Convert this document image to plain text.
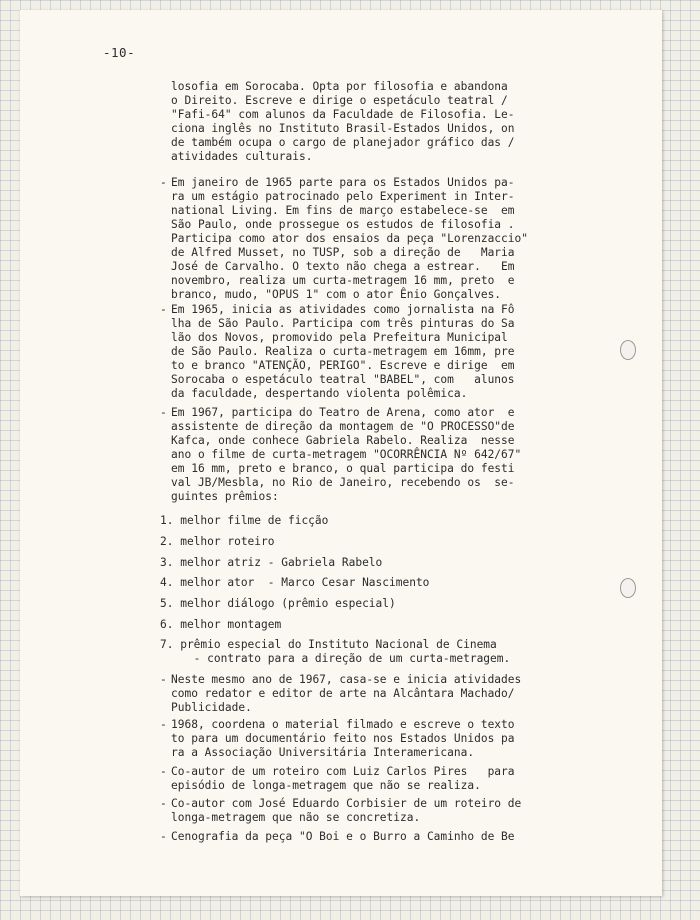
-10-
losofia em Sorocaba. Opta por filosofia e abandona
o Direito. Escreve e dirige o espetáculo teatral /
"Fafi-64" com alunos da Faculdade de Filosofia. Le-
ciona inglês no Instituto Brasil-Estados Unidos, on
de também ocupa o cargo de planejador gráfico das /
atividades culturais.
- Em janeiro de 1965 parte para os Estados Unidos pa-
ra um estágio patrocinado pelo Experiment in Inter-
national Living. Em fins de março estabelece-se  em
São Paulo, onde prossegue os estudos de filosofia .
Participa como ator dos ensaios da peça "Lorenzaccio"
de Alfred Musset, no TUSP, sob a direção de   Maria
José de Carvalho. O texto não chega a estrear.   Em
novembro, realiza um curta-metragem 16 mm, preto  e
branco, mudo, "OPUS 1" com o ator Ênio Gonçalves.
- Em 1965, inicia as atividades como jornalista na Fô
lha de São Paulo. Participa com três pinturas do Sa
lão dos Novos, promovido pela Prefeitura Municipal
de São Paulo. Realiza o curta-metragem em 16mm, pre
to e branco "ATENÇÃO, PERIGO". Escreve e dirige  em
Sorocaba o espetáculo teatral "BABEL", com   alunos
da faculdade, despertando violenta polêmica.
- Em 1967, participa do Teatro de Arena, como ator  e
assistente de direção da montagem de "O PROCESSO"de
Kafca, onde conhece Gabriela Rabelo. Realiza  nesse
ano o filme de curta-metragem "OCORRÊNCIA Nº 642/67"
em 16 mm, preto e branco, o qual participa do festi
val JB/Mesbla, no Rio de Janeiro, recebendo os  se-
guintes prêmios:
1. melhor filme de ficção
2. melhor roteiro
3. melhor atriz - Gabriela Rabelo
4. melhor ator  - Marco Cesar Nascimento
5. melhor diálogo (prêmio especial)
6. melhor montagem
7. prêmio especial do Instituto Nacional de Cinema
- contrato para a direção de um curta-metragem.
- Neste mesmo ano de 1967, casa-se e inicia atividades
como redator e editor de arte na Alcântara Machado/
Publicidade.
- 1968, coordena o material filmado e escreve o texto
to para um documentário feito nos Estados Unidos pa
ra a Associação Universitária Interamericana.
- Co-autor de um roteiro com Luiz Carlos Pires   para
episódio de longa-metragem que não se realiza.
- Co-autor com José Eduardo Corbisier de um roteiro de
longa-metragem que não se concretiza.
- Cenografia da peça "O Boi e o Burro a Caminho de Be
